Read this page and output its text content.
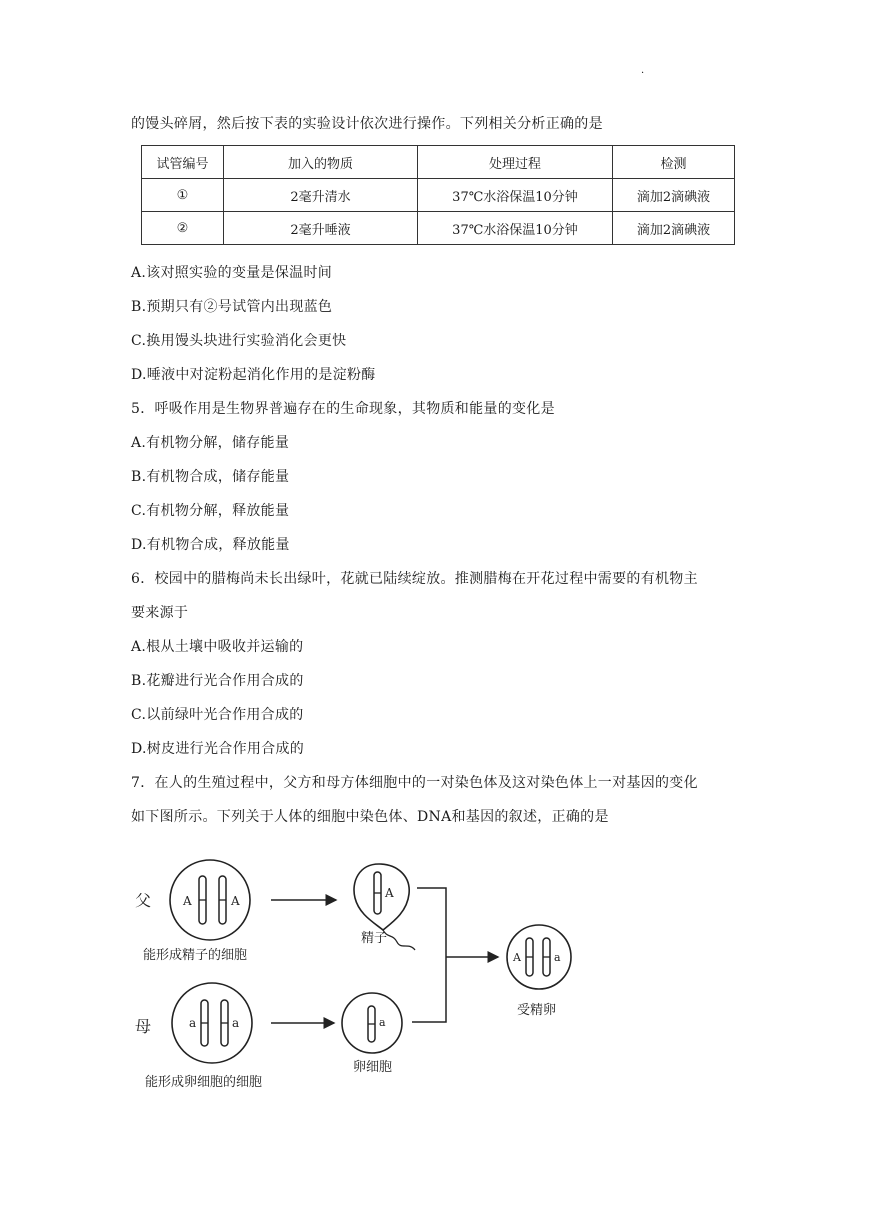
·
的馒头碎屑，然后按下表的实验设计依次进行操作。下列相关分析正确的是
试管编号	加入的物质	处理过程	检测
①	2毫升清水	37℃水浴保温10分钟	滴加2滴碘液
②	2毫升唾液	37℃水浴保温10分钟	滴加2滴碘液
A.该对照实验的变量是保温时间
B.预期只有②号试管内出现蓝色
C.换用馒头块进行实验消化会更快
D.唾液中对淀粉起消化作用的是淀粉酶
5．呼吸作用是生物界普遍存在的生命现象，其物质和能量的变化是
A.有机物分解，储存能量
B.有机物合成，储存能量
C.有机物分解，释放能量
D.有机物合成，释放能量
6．校园中的腊梅尚未长出绿叶，花就已陆续绽放。推测腊梅在开花过程中需要的有机物主
要来源于
A.根从土壤中吸收并运输的
B.花瓣进行光合作用合成的
C.以前绿叶光合作用合成的
D.树皮进行光合作用合成的
7．在人的生殖过程中，父方和母方体细胞中的一对染色体及这对染色体上一对基因的变化
如下图所示。下列关于人体的细胞中染色体、DNA和基因的叙述，正确的是
父	A	A
能形成精子的细胞
A
精子
母	a	a
能形成卵细胞的细胞
a
卵细胞
A	a
受精卵
